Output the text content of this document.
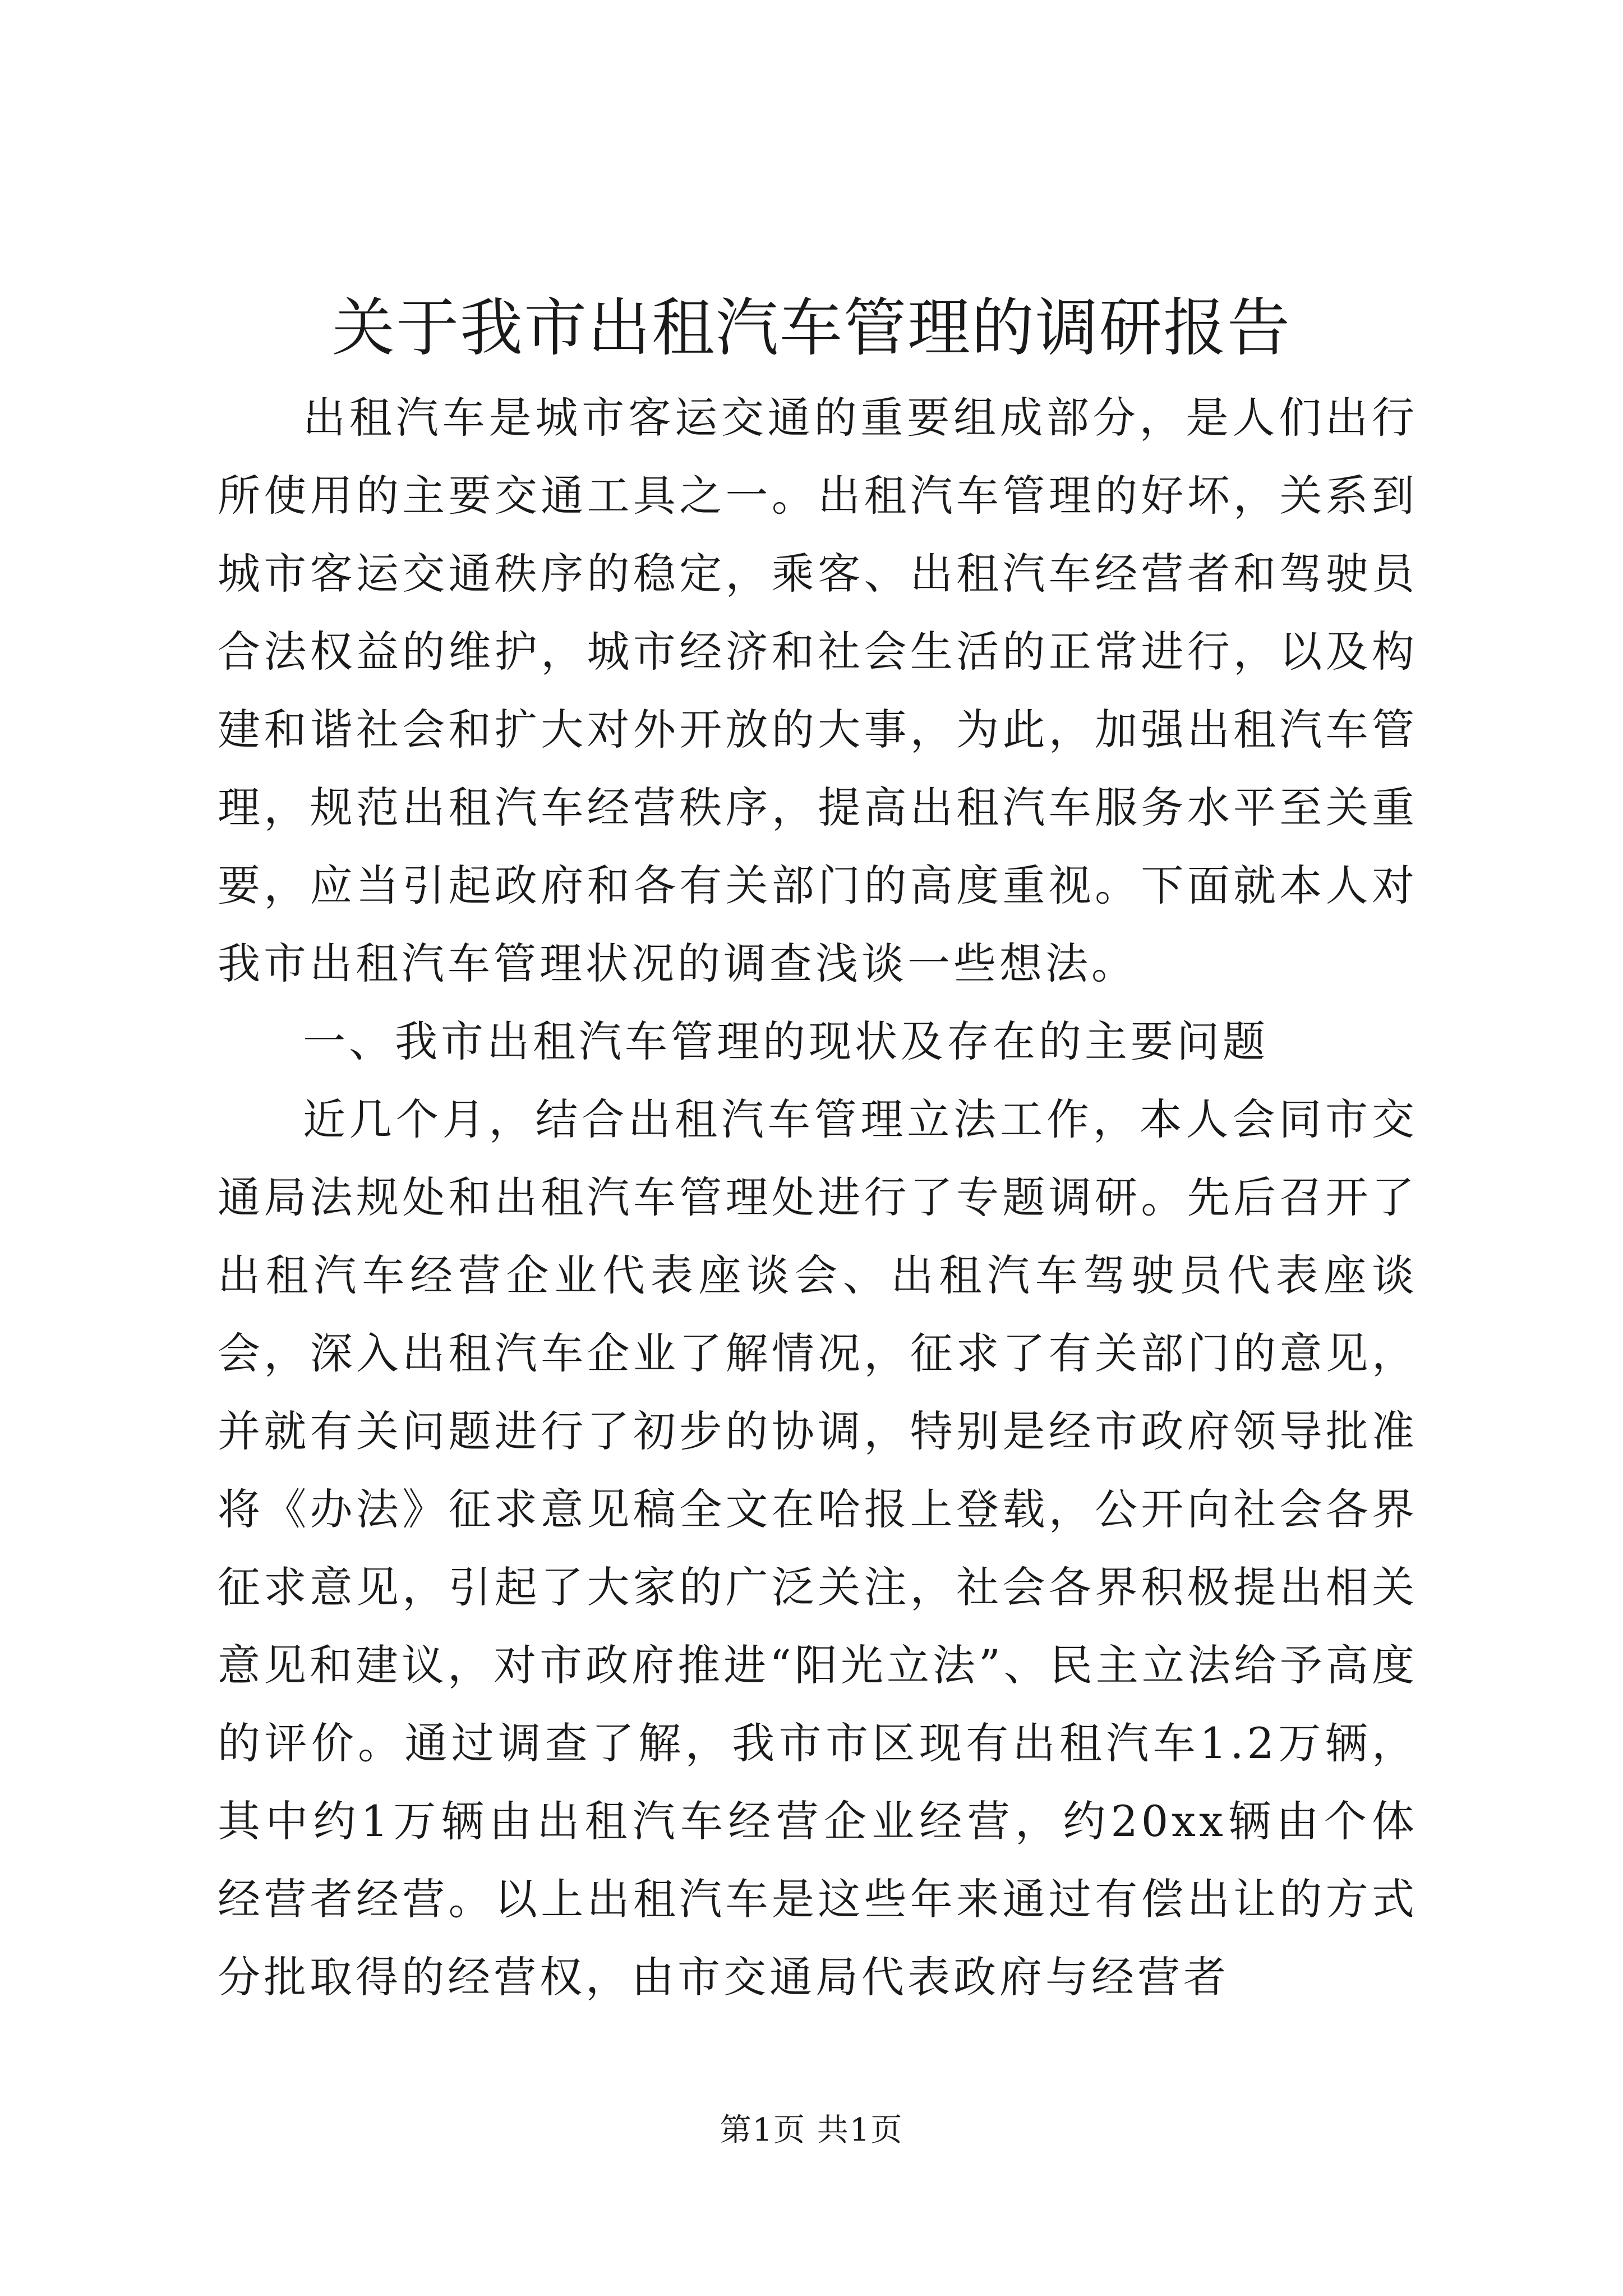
关于我市出租汽车管理的调研报告

出租汽车是城市客运交通的重要组成部分，是人们出行所使用的主要交通工具之一。出租汽车管理的好坏，关系到城市客运交通秩序的稳定，乘客、出租汽车经营者和驾驶员合法权益的维护，城市经济和社会生活的正常进行，以及构建和谐社会和扩大对外开放的大事，为此，加强出租汽车管理，规范出租汽车经营秩序，提高出租汽车服务水平至关重要，应当引起政府和各有关部门的高度重视。下面就本人对我市出租汽车管理状况的调查浅谈一些想法。

一、我市出租汽车管理的现状及存在的主要问题

近几个月，结合出租汽车管理立法工作，本人会同市交通局法规处和出租汽车管理处进行了专题调研。先后召开了出租汽车经营企业代表座谈会、出租汽车驾驶员代表座谈会，深入出租汽车企业了解情况，征求了有关部门的意见，并就有关问题进行了初步的协调，特别是经市政府领导批准将《办法》征求意见稿全文在哈报上登载，公开向社会各界征求意见，引起了大家的广泛关注，社会各界积极提出相关意见和建议，对市政府推进“阳光立法”、民主立法给予高度的评价。通过调查了解，我市市区现有出租汽车1.2万辆，其中约1万辆由出租汽车经营企业经营，约20xx辆由个体经营者经营。以上出租汽车是这些年来通过有偿出让的方式分批取得的经营权，由市交通局代表政府与经营者

第1页 共1页
